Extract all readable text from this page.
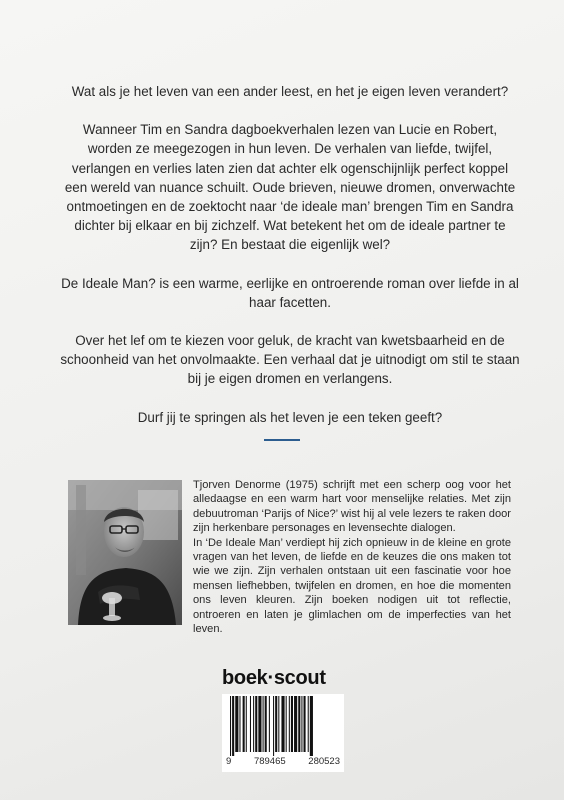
Wat als je het leven van een ander leest, en het je eigen leven verandert?

Wanneer Tim en Sandra dagboekverhalen lezen van Lucie en Robert, worden ze meegezogen in hun leven. De verhalen van liefde, twijfel, verlangen en verlies laten zien dat achter elk ogenschijnlijk perfect koppel een wereld van nuance schuilt. Oude brieven, nieuwe dromen, onverwachte ontmoetingen en de zoektocht naar ‘de ideale man’ brengen Tim en Sandra dichter bij elkaar en bij zichzelf. Wat betekent het om de ideale partner te zijn? En bestaat die eigenlijk wel?

De Ideale Man? is een warme, eerlijke en ontroerende roman over liefde in al haar facetten.

Over het lef om te kiezen voor geluk, de kracht van kwetsbaarheid en de schoonheid van het onvolmaakte. Een verhaal dat je uitnodigt om stil te staan bij je eigen dromen en verlangens.

Durf jij te springen als het leven je een teken geeft?

Tjorven Denorme (1975) schrijft met een scherp oog voor het alledaagse en een warm hart voor menselijke relaties. Met zijn debuutroman ‘Parijs of Nice?’ wist hij al vele lezers te raken door zijn herkenbare personages en levensechte dialogen.

In ‘De Ideale Man’ verdiept hij zich opnieuw in de kleine en grote vragen van het leven, de liefde en de keuzes die ons maken tot wie we zijn. Zijn verhalen ontstaan uit een fascinatie voor hoe mensen liefhebben, twijfelen en dromen, en hoe die momenten ons leven kleuren. Zijn boeken nodigen uit tot reflectie, ontroeren en laten je glimlachen om de imperfecties van het leven.

boek·scout
9 789465 280523
